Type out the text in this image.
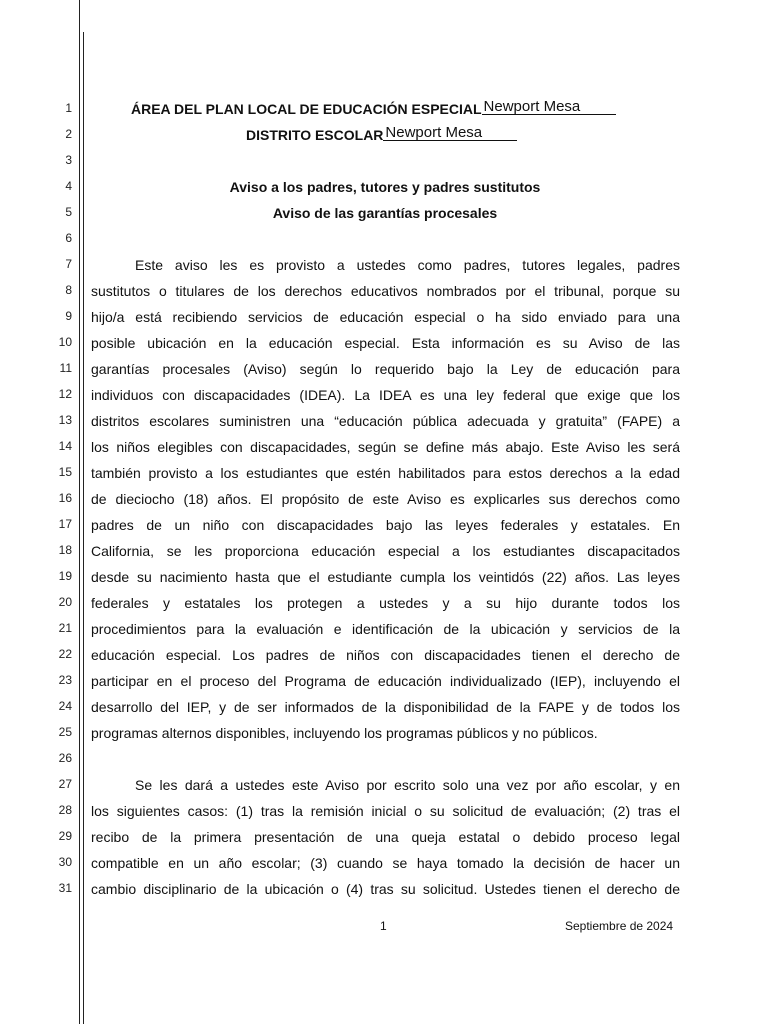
1
2
3
4
5
6
7
8
9
10
11
12
13
14
15
16
17
18
19
20
21
22
23
24
25
26
27
28
29
30
31
ÁREA DEL PLAN LOCAL DE EDUCACIÓN ESPECIAL Newport Mesa
DISTRITO ESCOLAR Newport Mesa
Aviso a los padres, tutores y padres sustitutos
Aviso de las garantías procesales
Este aviso les es provisto a ustedes como padres, tutores legales, padres
sustitutos o titulares de los derechos educativos nombrados por el tribunal, porque su
hijo/a está recibiendo servicios de educación especial o ha sido enviado para una
posible ubicación en la educación especial. Esta información es su Aviso de las
garantías procesales (Aviso) según lo requerido bajo la Ley de educación para
individuos con discapacidades (IDEA). La IDEA es una ley federal que exige que los
distritos escolares suministren una “educación pública adecuada y gratuita” (FAPE) a
los niños elegibles con discapacidades, según se define más abajo. Este Aviso les será
también provisto a los estudiantes que estén habilitados para estos derechos a la edad
de dieciocho (18) años. El propósito de este Aviso es explicarles sus derechos como
padres de un niño con discapacidades bajo las leyes federales y estatales. En
California, se les proporciona educación especial a los estudiantes discapacitados
desde su nacimiento hasta que el estudiante cumpla los veintidós (22) años. Las leyes
federales y estatales los protegen a ustedes y a su hijo durante todos los
procedimientos para la evaluación e identificación de la ubicación y servicios de la
educación especial. Los padres de niños con discapacidades tienen el derecho de
participar en el proceso del Programa de educación individualizado (IEP), incluyendo el
desarrollo del IEP, y de ser informados de la disponibilidad de la FAPE y de todos los
programas alternos disponibles, incluyendo los programas públicos y no públicos.
Se les dará a ustedes este Aviso por escrito solo una vez por año escolar, y en
los siguientes casos: (1) tras la remisión inicial o su solicitud de evaluación; (2) tras el
recibo de la primera presentación de una queja estatal o debido proceso legal
compatible en un año escolar; (3) cuando se haya tomado la decisión de hacer un
cambio disciplinario de la ubicación o (4) tras su solicitud. Ustedes tienen el derecho de
1	Septiembre de 2024
